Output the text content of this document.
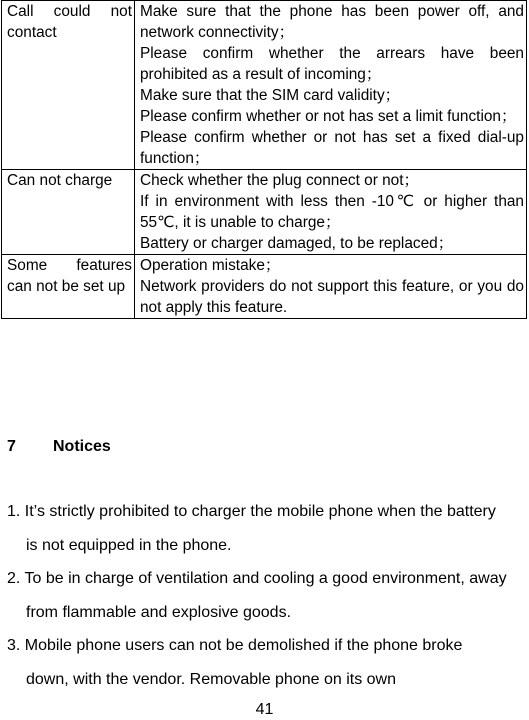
Call could not contact	Make sure that the phone has been power off, and network connectivity；
Please confirm whether the arrears have been prohibited as a result of incoming；
Make sure that the SIM card validity；
Please confirm whether or not has set a limit function；
Please confirm whether or not has set a fixed dial-up function；

Can not charge	Check whether the plug connect or not；
If in environment with less then -10℃ or higher than 55℃, it is unable to charge；
Battery or charger damaged, to be replaced；

Some features can not be set up	Operation mistake；
Network providers do not support this feature, or you do not apply this feature.
7 Notices
1. It’s strictly prohibited to charger the mobile phone when the battery is not equipped in the phone.
2. To be in charge of ventilation and cooling a good environment, away from flammable and explosive goods.
3. Mobile phone users can not be demolished if the phone broke down, with the vendor. Removable phone on its own
41
